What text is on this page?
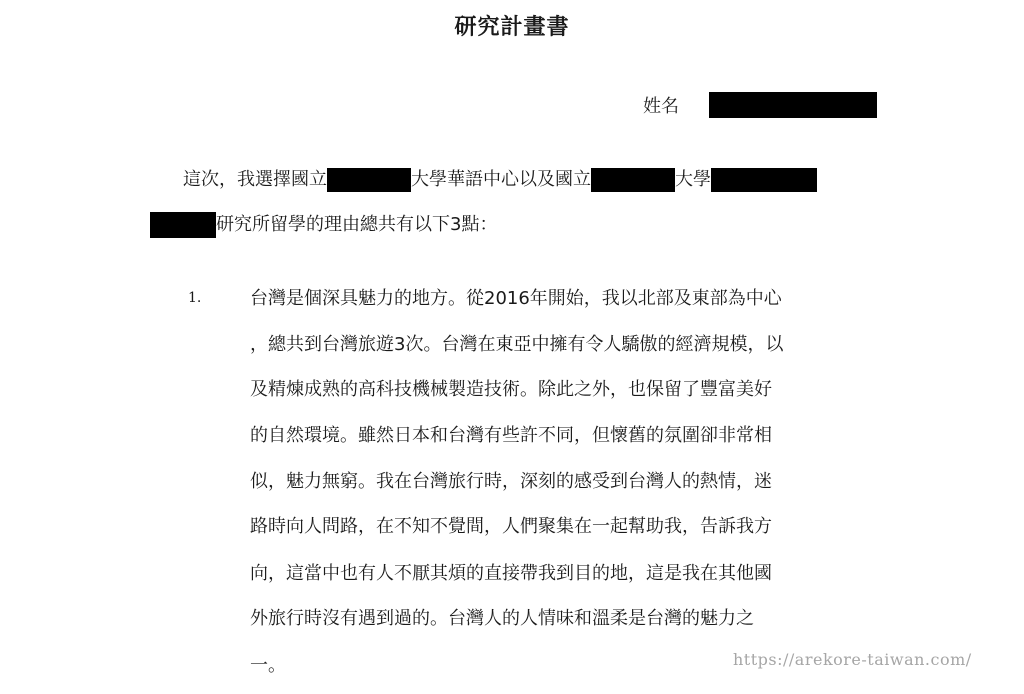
研究計畫書
姓名
這次，我選擇國立	大學華語中心以及國立	大學
研究所留學的理由總共有以下3點：
1.	台灣是個深具魅力的地方。從2016年開始，我以北部及東部為中心
，總共到台灣旅遊3次。台灣在東亞中擁有令人驕傲的經濟規模，以
及精煉成熟的高科技機械製造技術。除此之外，也保留了豐富美好
的自然環境。雖然日本和台灣有些許不同，但懷舊的氛圍卻非常相
似，魅力無窮。我在台灣旅行時，深刻的感受到台灣人的熱情，迷
路時向人問路，在不知不覺間，人們聚集在一起幫助我，告訴我方
向，這當中也有人不厭其煩的直接帶我到目的地，這是我在其他國
外旅行時沒有遇到過的。台灣人的人情味和溫柔是台灣的魅力之
一。	https://arekore-taiwan.com/
